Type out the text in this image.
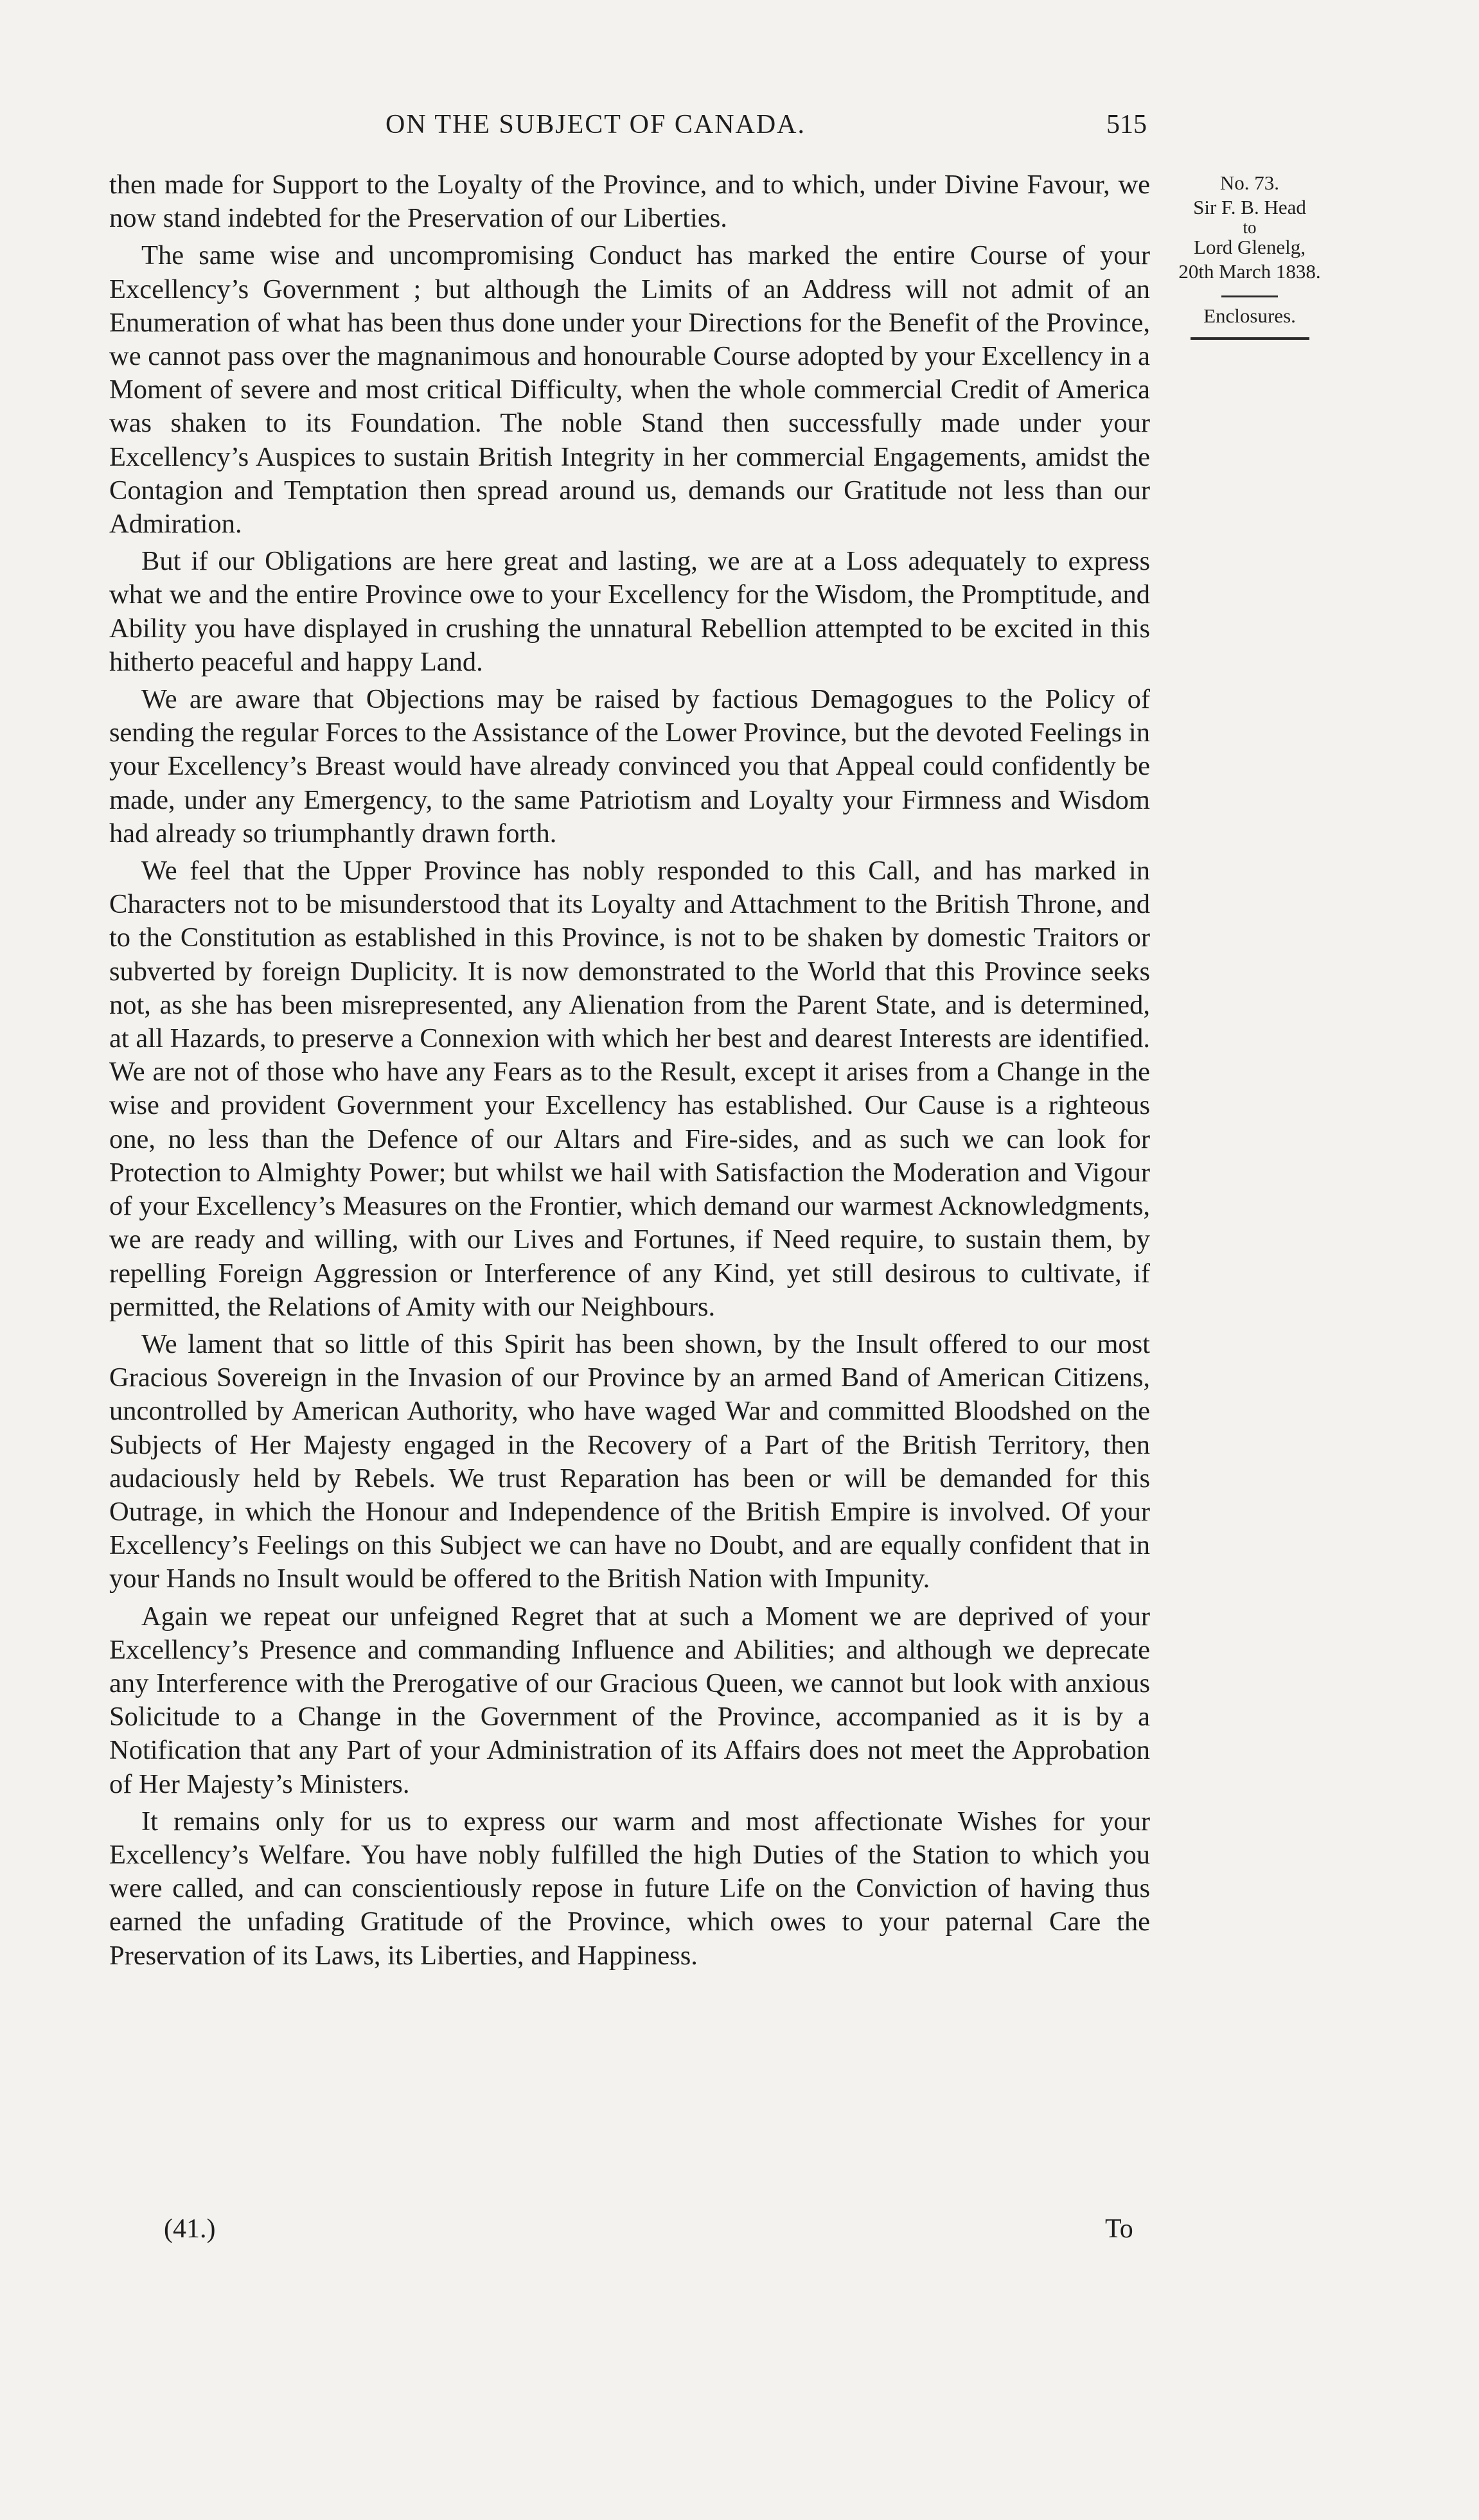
ON THE SUBJECT OF CANADA.	515
No. 73.
Sir F. B. Head
to
Lord Glenelg,
20th March 1838.
Enclosures.

then made for Support to the Loyalty of the Province, and to which, under Divine Favour, we now stand indebted for the Preservation of our Liberties.

The same wise and uncompromising Conduct has marked the entire Course of your Excellency’s Government ; but although the Limits of an Address will not admit of an Enumeration of what has been thus done under your Directions for the Benefit of the Province, we cannot pass over the magnanimous and honourable Course adopted by your Excellency in a Moment of severe and most critical Difficulty, when the whole commercial Credit of America was shaken to its Foundation. The noble Stand then successfully made under your Excellency’s Auspices to sustain British Integrity in her commercial Engagements, amidst the Contagion and Temptation then spread around us, demands our Gratitude not less than our Admiration.

But if our Obligations are here great and lasting, we are at a Loss adequately to express what we and the entire Province owe to your Excellency for the Wisdom, the Promptitude, and Ability you have displayed in crushing the unnatural Rebellion attempted to be excited in this hitherto peaceful and happy Land.

We are aware that Objections may be raised by factious Demagogues to the Policy of sending the regular Forces to the Assistance of the Lower Province, but the devoted Feelings in your Excellency’s Breast would have already convinced you that Appeal could confidently be made, under any Emergency, to the same Patriotism and Loyalty your Firmness and Wisdom had already so triumphantly drawn forth.

We feel that the Upper Province has nobly responded to this Call, and has marked in Characters not to be misunderstood that its Loyalty and Attachment to the British Throne, and to the Constitution as established in this Province, is not to be shaken by domestic Traitors or subverted by foreign Duplicity. It is now demonstrated to the World that this Province seeks not, as she has been misrepresented, any Alienation from the Parent State, and is determined, at all Hazards, to preserve a Connexion with which her best and dearest Interests are identified. We are not of those who have any Fears as to the Result, except it arises from a Change in the wise and provident Government your Excellency has established. Our Cause is a righteous one, no less than the Defence of our Altars and Fire-sides, and as such we can look for Protection to Almighty Power; but whilst we hail with Satisfaction the Moderation and Vigour of your Excellency’s Measures on the Frontier, which demand our warmest Acknowledgments, we are ready and willing, with our Lives and Fortunes, if Need require, to sustain them, by repelling Foreign Aggression or Interference of any Kind, yet still desirous to cultivate, if permitted, the Relations of Amity with our Neighbours.

We lament that so little of this Spirit has been shown, by the Insult offered to our most Gracious Sovereign in the Invasion of our Province by an armed Band of American Citizens, uncontrolled by American Authority, who have waged War and committed Bloodshed on the Subjects of Her Majesty engaged in the Recovery of a Part of the British Territory, then audaciously held by Rebels. We trust Reparation has been or will be demanded for this Outrage, in which the Honour and Independence of the British Empire is involved. Of your Excellency’s Feelings on this Subject we can have no Doubt, and are equally confident that in your Hands no Insult would be offered to the British Nation with Impunity.

Again we repeat our unfeigned Regret that at such a Moment we are deprived of your Excellency’s Presence and commanding Influence and Abilities; and although we deprecate any Interference with the Prerogative of our Gracious Queen, we cannot but look with anxious Solicitude to a Change in the Government of the Province, accompanied as it is by a Notification that any Part of your Administration of its Affairs does not meet the Approbation of Her Majesty’s Ministers.

It remains only for us to express our warm and most affectionate Wishes for your Excellency’s Welfare. You have nobly fulfilled the high Duties of the Station to which you were called, and can conscientiously repose in future Life on the Conviction of having thus earned the unfading Gratitude of the Province, which owes to your paternal Care the Preservation of its Laws, its Liberties, and Happiness.

(41.)	To
